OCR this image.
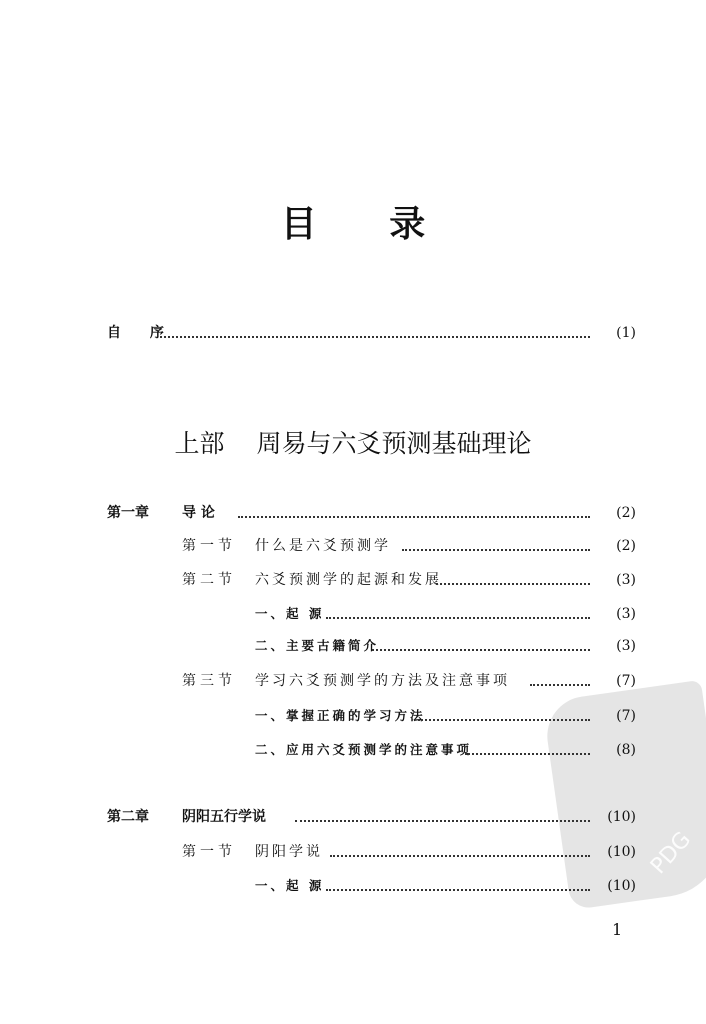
PDG
目 录
自 序	(1)
上部 周易与六爻预测基础理论
第一章 导 论	(2)
第一节 什么是六爻预测学	(2)
第二节 六爻预测学的起源和发展	(3)
一、起 源	(3)
二、主要古籍简介	(3)
第三节 学习六爻预测学的方法及注意事项	(7)
一、掌握正确的学习方法	(7)
二、应用六爻预测学的注意事项	(8)
第二章 阴阳五行学说	(10)
第一节 阴阳学说	(10)
一、起 源	(10)
1
